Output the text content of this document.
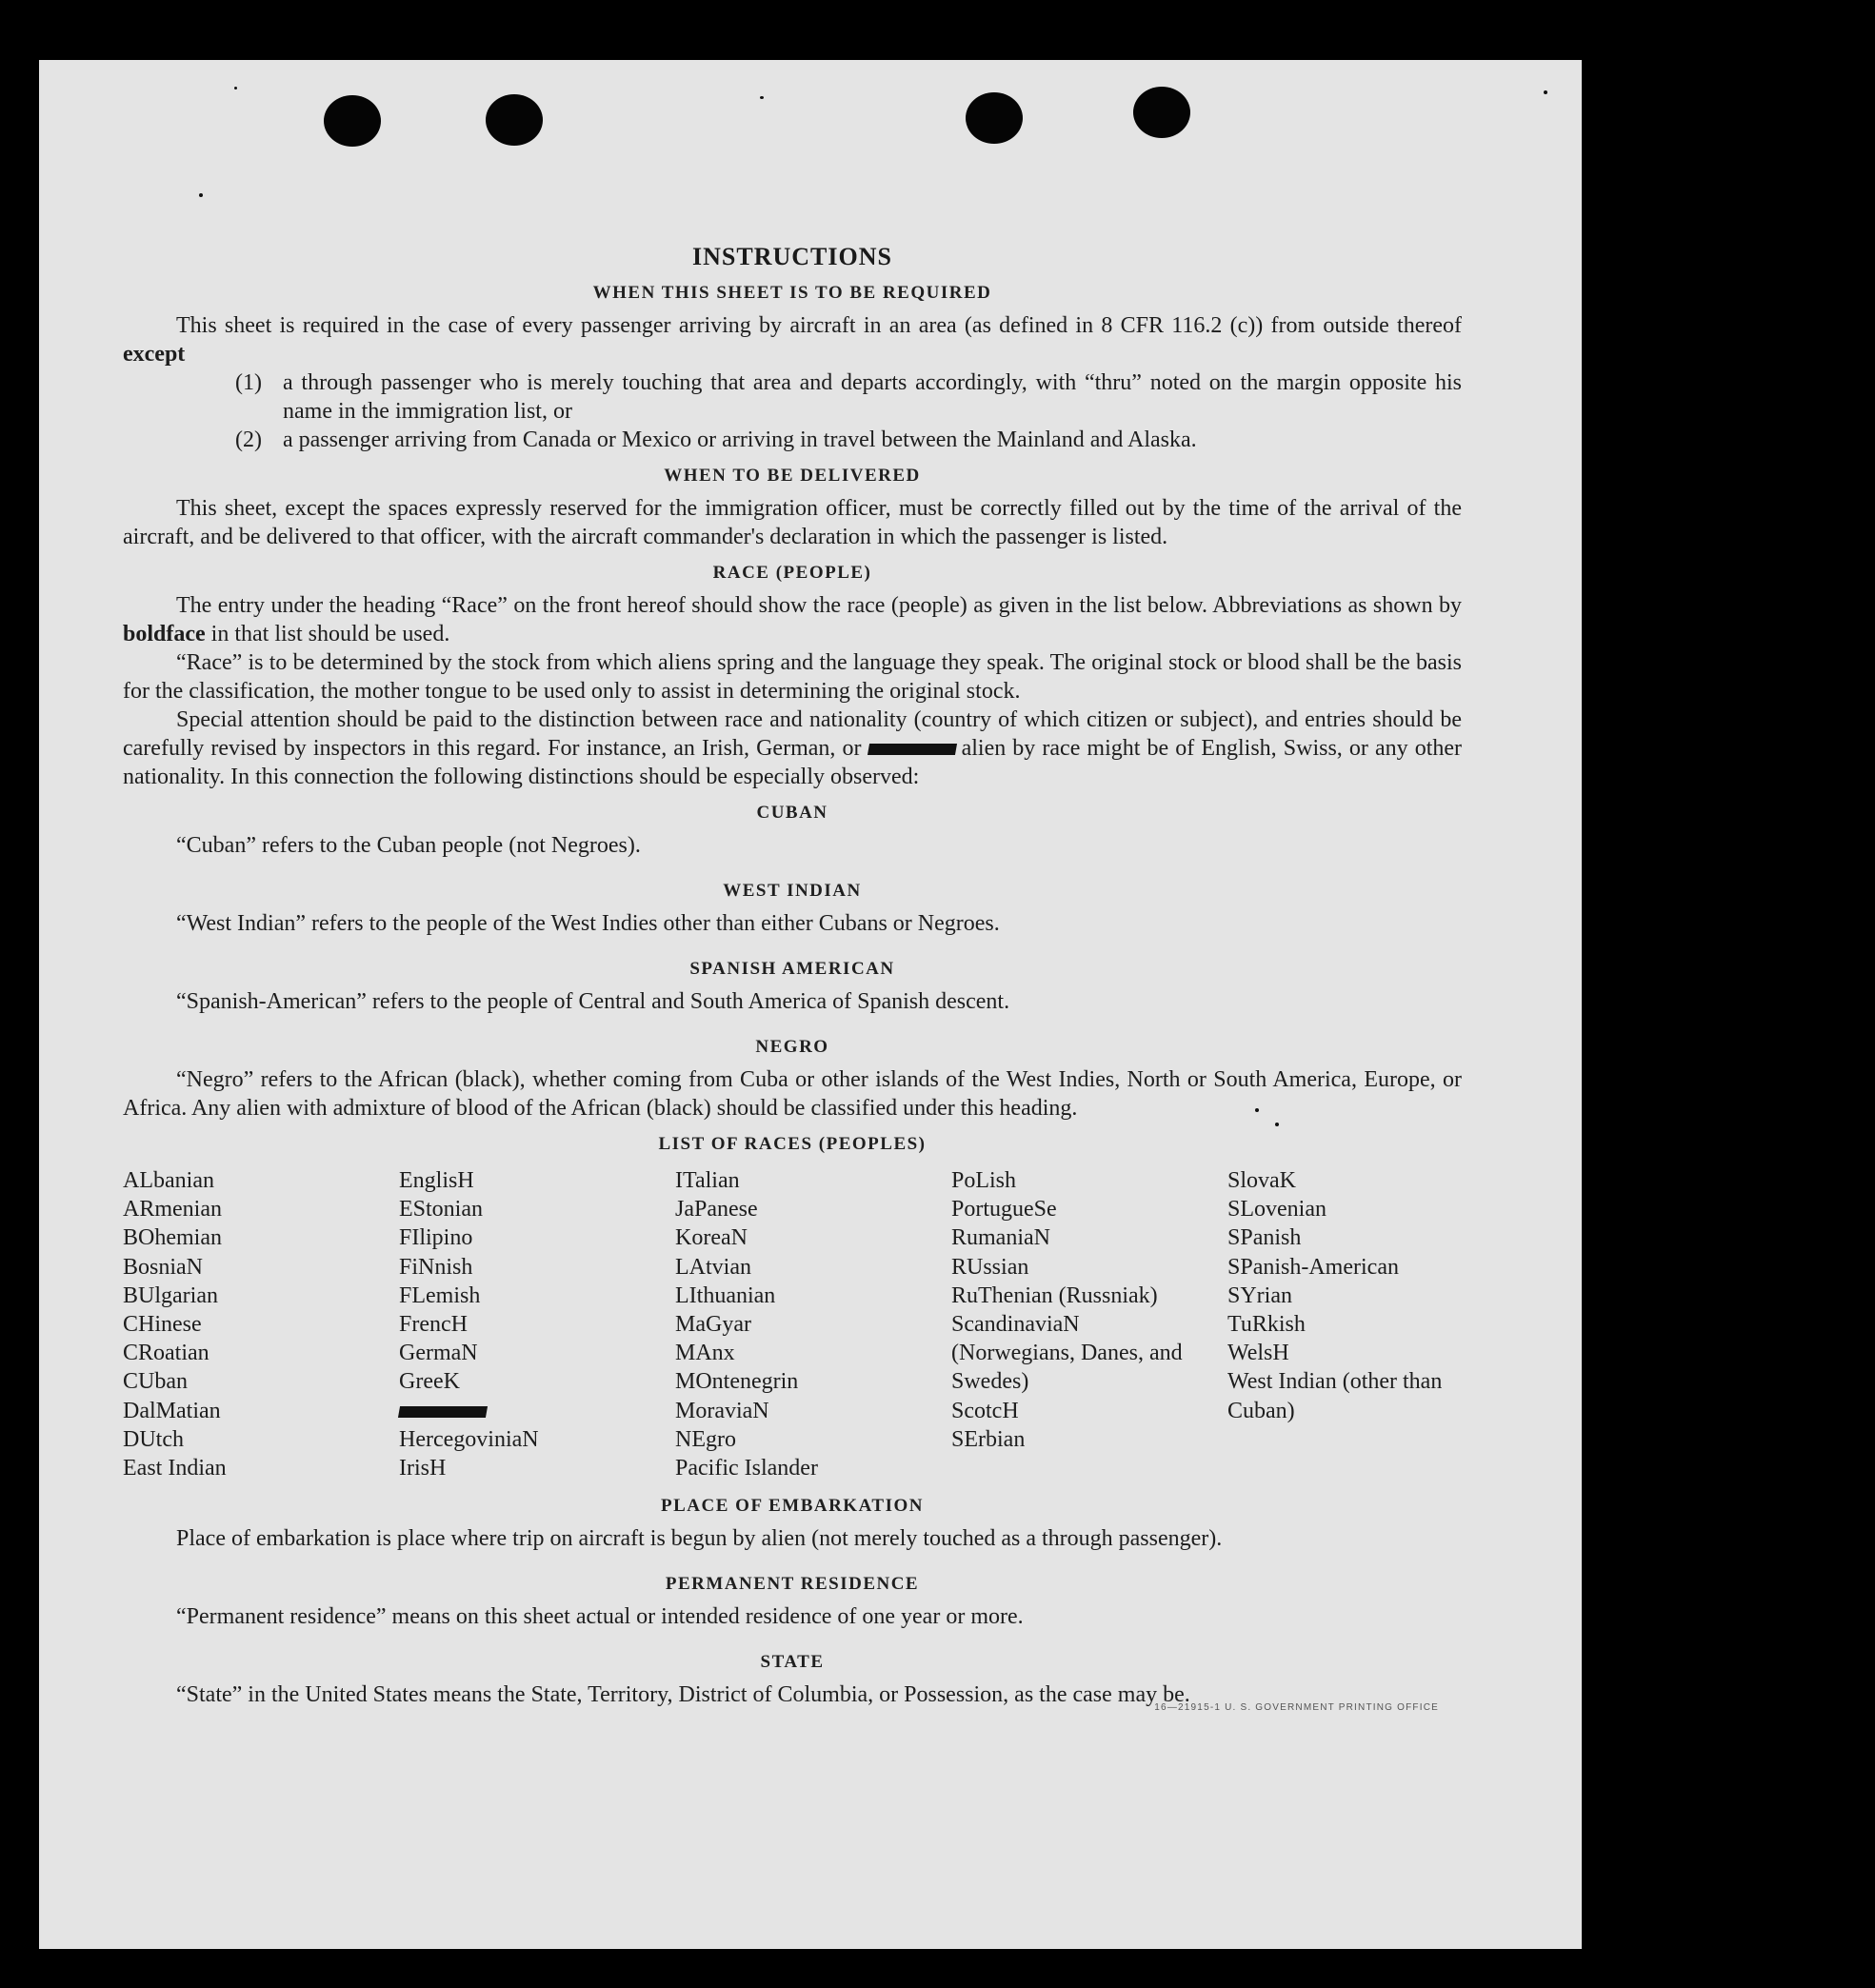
INSTRUCTIONS
WHEN THIS SHEET IS TO BE REQUIRED

This sheet is required in the case of every passenger arriving by aircraft in an area (as defined in 8 CFR 116.2 (c)) from outside thereof except

(1) a through passenger who is merely touching that area and departs accordingly, with “thru” noted on the margin opposite his name in the immigration list, or
(2) a passenger arriving from Canada or Mexico or arriving in travel between the Mainland and Alaska.
WHEN TO BE DELIVERED

This sheet, except the spaces expressly reserved for the immigration officer, must be correctly filled out by the time of the arrival of the aircraft, and be delivered to that officer, with the aircraft commander's declaration in which the passenger is listed.

RACE (PEOPLE)

The entry under the heading “Race” on the front hereof should show the race (people) as given in the list below. Abbreviations as shown by boldface in that list should be used.

“Race” is to be determined by the stock from which aliens spring and the language they speak. The original stock or blood shall be the basis for the classification, the mother tongue to be used only to assist in determining the original stock.

Special attention should be paid to the distinction between race and nationality (country of which citizen or subject), and entries should be carefully revised by inspectors in this regard. For instance, an Irish, German, or	alien by race might be of English, Swiss, or any other nationality. In this connection the following distinctions should be especially observed:

CUBAN

“Cuban” refers to the Cuban people (not Negroes).

WEST INDIAN

“West Indian” refers to the people of the West Indies other than either Cubans or Negroes.

SPANISH AMERICAN

“Spanish-American” refers to the people of Central and South America of Spanish descent.

NEGRO

“Negro” refers to the African (black), whether coming from Cuba or other islands of the West Indies, North or South America, Europe, or Africa. Any alien with admixture of blood of the African (black) should be classified under this heading.

LIST OF RACES (PEOPLES)
ALbanian
ARmenian
BOhemian
BosniaN
BUlgarian
CHinese
CRoatian
CUban
DalMatian
DUtch
East Indian
EnglisH
EStonian
FIlipino
FiNnish
FLemish
FrencH
GermaN
GreeK
HercegoviniaN
IrisH
ITalian
JaPanese
KoreaN
LAtvian
LIthuanian
MaGyar
MAnx
MOntenegrin
MoraviaN
NEgro
Pacific Islander
PoLish
PortugueSe
RumaniaN
RUssian
RuThenian (Russniak)
ScandinaviaN (Norwegians, Danes, and Swedes)
ScotcH
SErbian
SlovaK
SLovenian
SPanish
SPanish-American
SYrian
TuRkish
WelsH
West Indian (other than Cuban)
PLACE OF EMBARKATION

Place of embarkation is place where trip on aircraft is begun by alien (not merely touched as a through passenger).

PERMANENT RESIDENCE

“Permanent residence” means on this sheet actual or intended residence of one year or more.

STATE

“State” in the United States means the State, Territory, District of Columbia, or Possession, as the case may be.

16—21915-1 U. S. GOVERNMENT PRINTING OFFICE
